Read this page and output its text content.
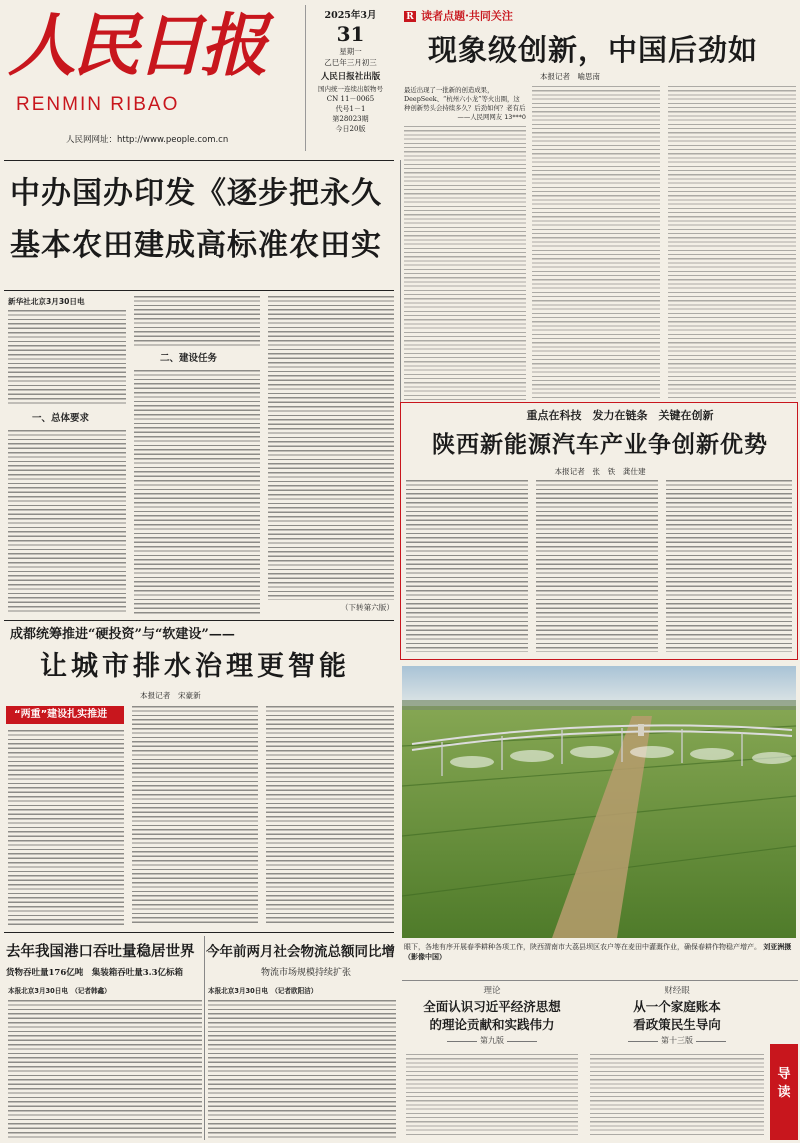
人民日报
RENMIN RIBAO
人民网网址：http://www.people.com.cn
2025年3月
31
星期一
乙巳年三月初三
人民日报社出版
国内统一连续出版物号
CN 11－0065
代号1－1
第28023期
今日20版
R 读者点题·共同关注
现象级创新，中国后劲如
本报记者　喻思南
最近出现了一批新的创造成果，DeepSeek、“杭州六小龙”等火出圈，这种创新势头会持续多久？后劲如何？老有后
——人民网网友 13***0
中办国办印发《逐步把永久基本农田建成高标准农田实
新华社北京3月30日电
一、总体要求
二、建设任务
（下转第六版）
重点在科技　发力在链条　关键在创新
陕西新能源汽车产业争创新优势
本报记者　张　铁　龚仕建
成都统筹推进“硬投资”与“软建设”——
让城市排水治理更智能
本报记者　宋豪新
“两重”建设扎实推进
眼下，各地有序开展春季耕种各项工作，陕西渭南市大荔县坝区农户等在麦田中灌溉作业，确保春耕作物稳产增产。 刘亚洲摄（影像中国）
去年我国港口吞吐量稳居世界
货物吞吐量176亿吨　集装箱吞吐量3.3亿标箱
本报北京3月30日电　（记者韩鑫）
今年前两月社会物流总额同比增
物流市场规模持续扩张
本报北京3月30日电　（记者欧阳洁）	理论
全面认识习近平经济思想
的理论贡献和实践伟力
第九版
财经眼
从一个家庭账本
看政策民生导向
第十三版
导读
